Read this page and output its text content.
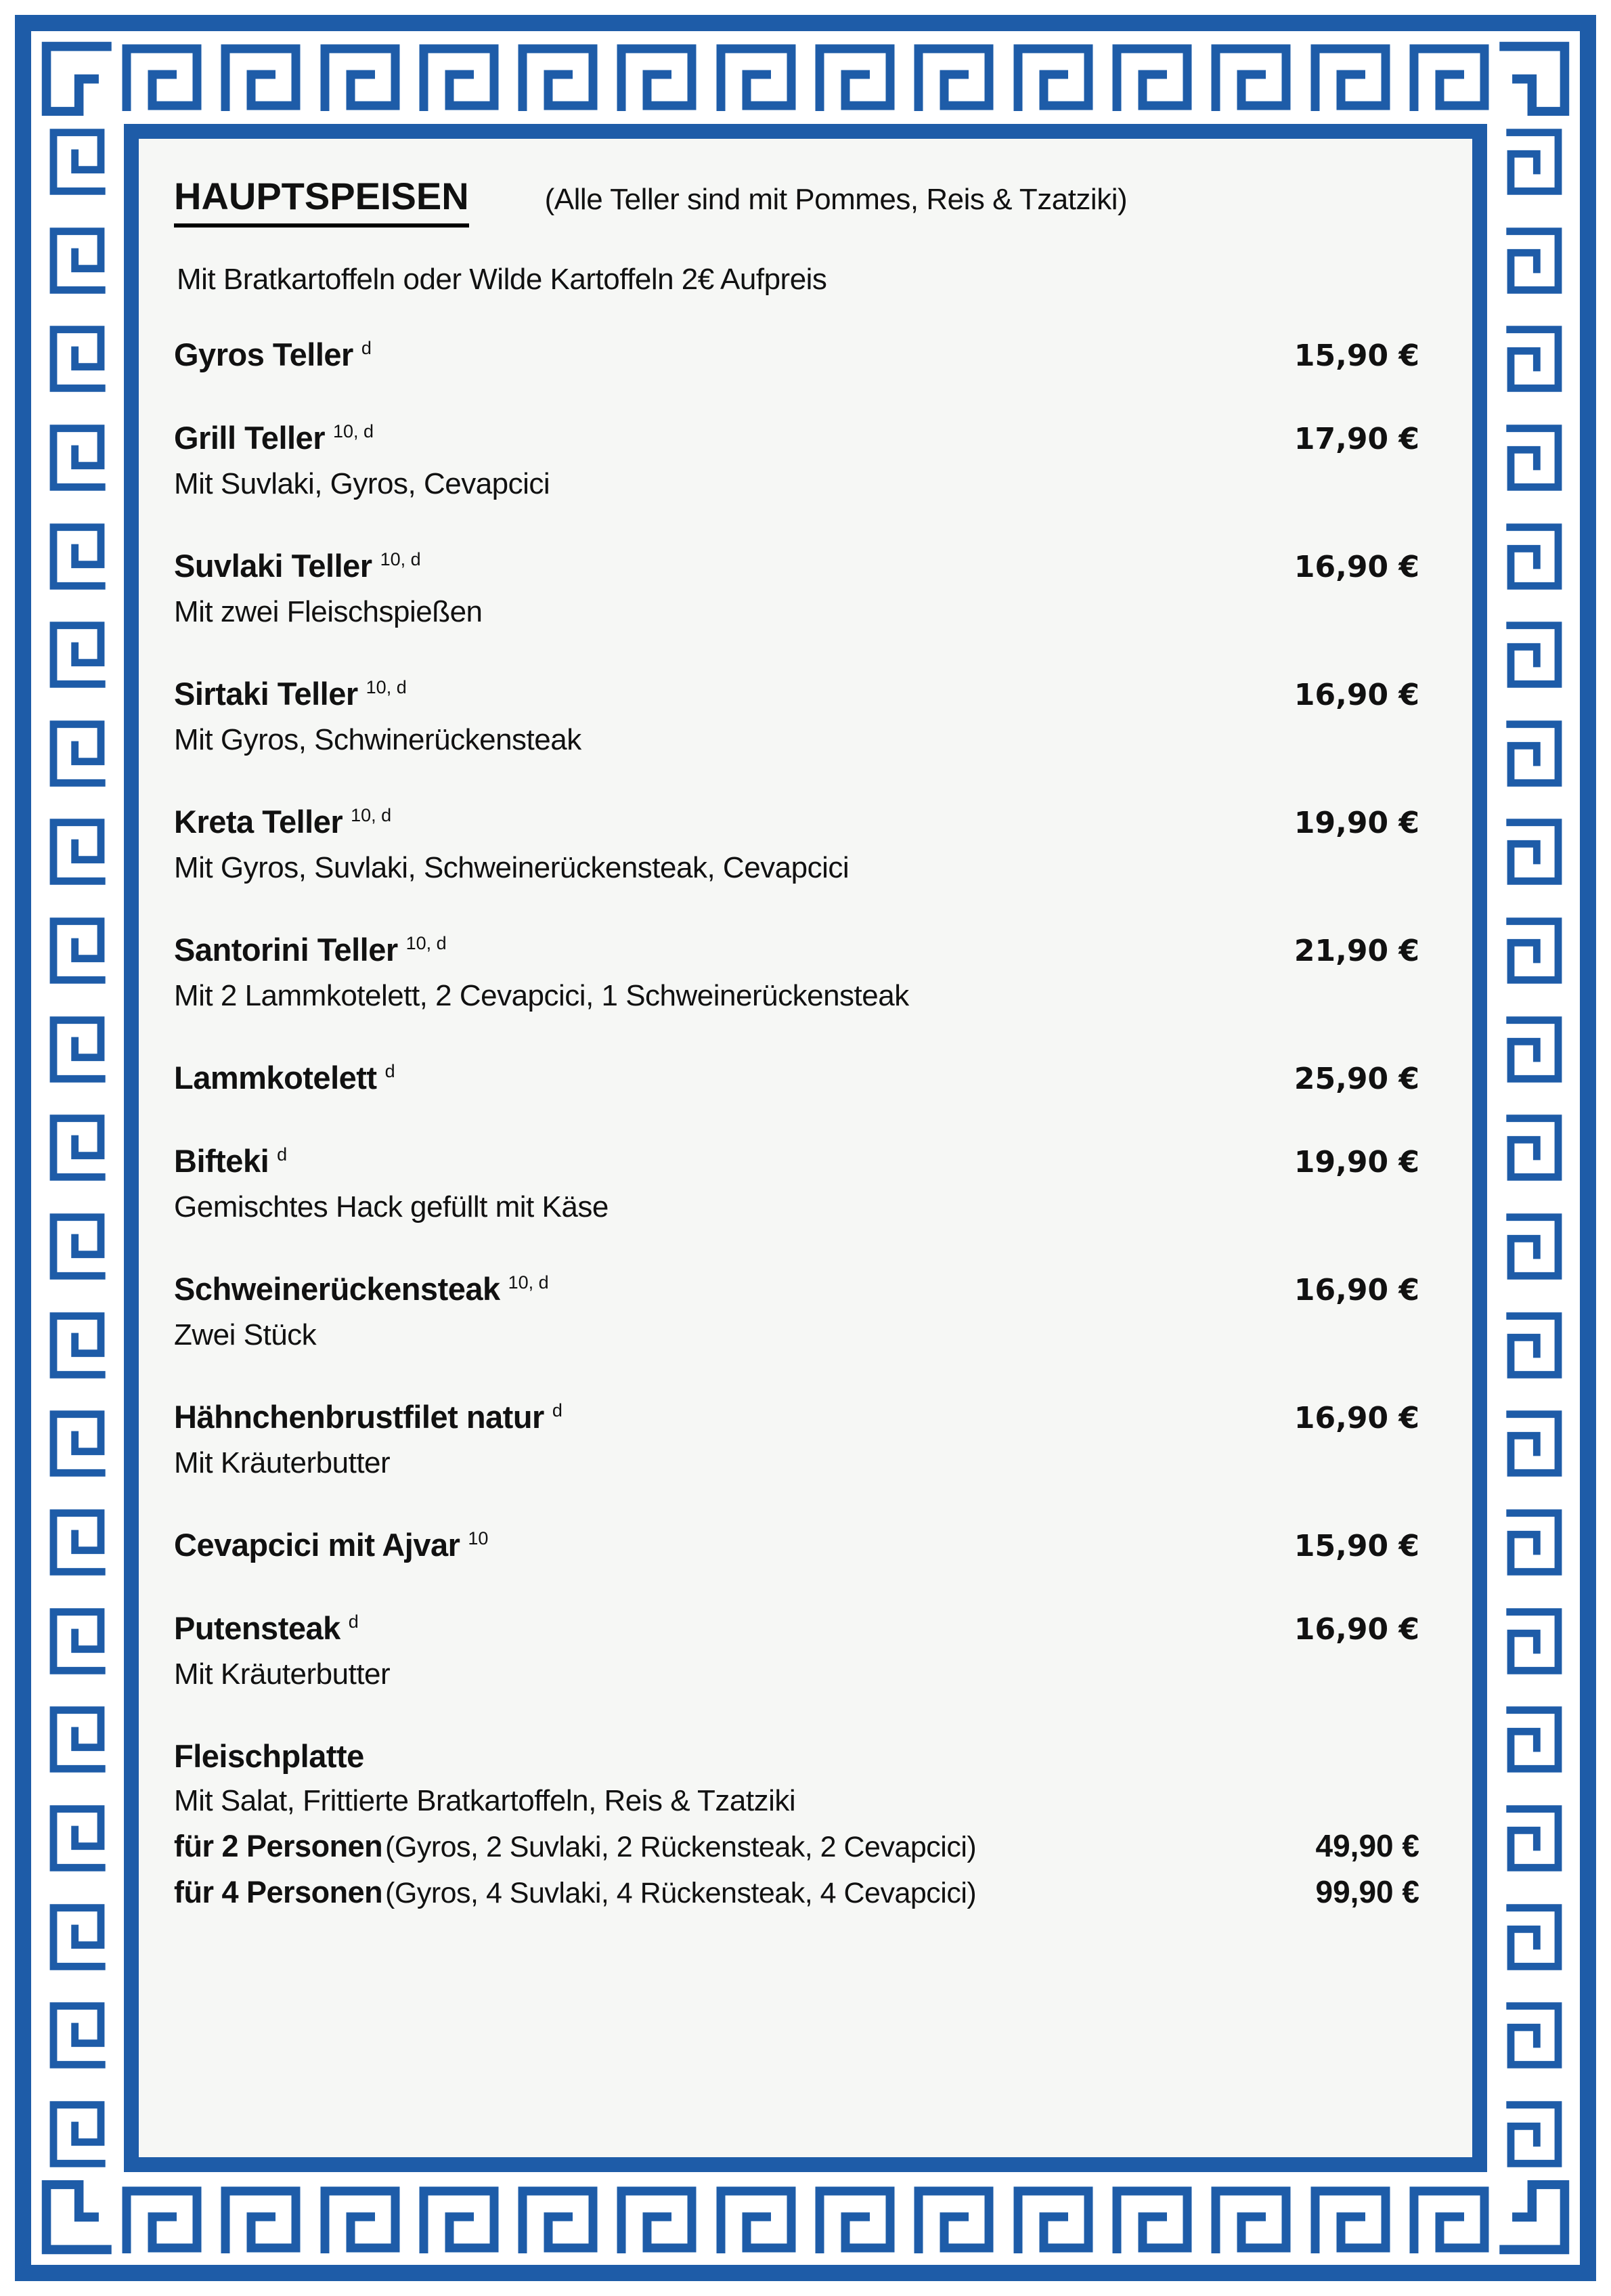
HAUPTSPEISEN	(Alle Teller sind mit Pommes, Reis & Tzatziki)
Mit Bratkartoffeln oder Wilde Kartoffeln 2€ Aufpreis
Gyros Teller $^d$	15,90 €
Grill Teller $^{10, d}$	17,90 €
Mit Suvlaki, Gyros, Cevapcici
Suvlaki Teller $^{10, d}$	16,90 €
Mit zwei Fleischspießen
Sirtaki Teller $^{10, d}$	16,90 €
Mit Gyros, Schwinerückensteak
Kreta Teller $^{10, d}$	19,90 €
Mit Gyros, Suvlaki, Schweinerückensteak, Cevapcici
Santorini Teller $^{10, d}$	21,90 €
Mit 2 Lammkotelett, 2 Cevapcici, 1 Schweinerückensteak
Lammkotelett $^d$	25,90 €
Bifteki $^d$	19,90 €
Gemischtes Hack gefüllt mit Käse
Schweinerückensteak $^{10, d}$	16,90 €
Zwei Stück
Hähnchenbrustfilet natur $^d$	16,90 €
Mit Kräuterbutter
Cevapcici mit Ajvar $^{10}$	15,90 €
Putensteak $^d$	16,90 €
Mit Kräuterbutter
Fleischplatte
Mit Salat, Frittierte Bratkartoffeln, Reis & Tzatziki
für 2 Personen (Gyros, 2 Suvlaki, 2 Rückensteak, 2 Cevapcici)	49,90 €
für 4 Personen (Gyros, 4 Suvlaki, 4 Rückensteak, 4 Cevapcici)	99,90 €
